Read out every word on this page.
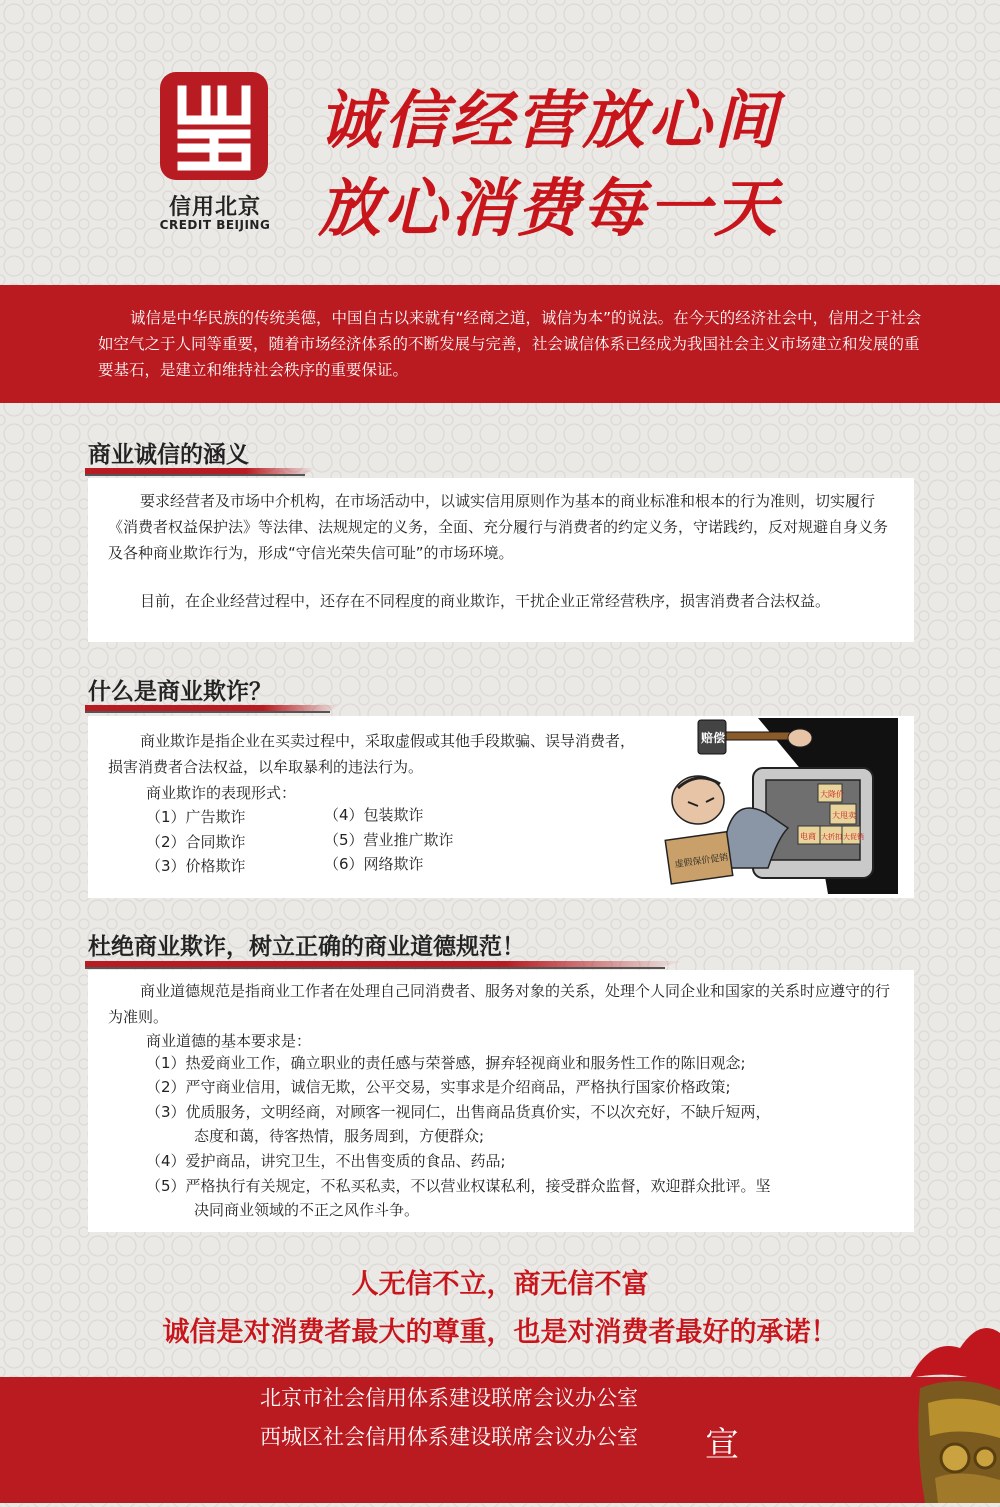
信用北京
CREDIT BEIJING
诚信经营放心间
放心消费每一天
诚信是中华民族的传统美德，中国自古以来就有“经商之道，诚信为本”的说法。在今天的经济社会中，信用之于社会如空气之于人同等重要，随着市场经济体系的不断发展与完善，社会诚信体系已经成为我国社会主义市场建立和发展的重要基石，是建立和维持社会秩序的重要保证。
商业诚信的涵义
要求经营者及市场中介机构，在市场活动中，以诚实信用原则作为基本的商业标准和根本的行为准则，切实履行《消费者权益保护法》等法律、法规规定的义务，全面、充分履行与消费者的约定义务，守诺践约，反对规避自身义务及各种商业欺诈行为，形成“守信光荣失信可耻”的市场环境。
目前，在企业经营过程中，还存在不同程度的商业欺诈，干扰企业正常经营秩序，损害消费者合法权益。
什么是商业欺诈？
商业欺诈是指企业在买卖过程中，采取虚假或其他手段欺骗、误导消费者，损害消费者合法权益，以牟取暴利的违法行为。
商业欺诈的表现形式：
（1）广告欺诈
（2）合同欺诈
（3）价格欺诈
（4）包装欺诈
（5）营业推广欺诈
（6）网络欺诈
大降价
大甩卖
电商 大折扣 大促销
虚假保价促销
赔偿
杜绝商业欺诈，树立正确的商业道德规范！
商业道德规范是指商业工作者在处理自己同消费者、服务对象的关系，处理个人同企业和国家的关系时应遵守的行为准则。
商业道德的基本要求是：
（1）热爱商业工作，确立职业的责任感与荣誉感，摒弃轻视商业和服务性工作的陈旧观念;
（2）严守商业信用，诚信无欺，公平交易，实事求是介绍商品，严格执行国家价格政策;
（3）优质服务，文明经商，对顾客一视同仁，出售商品货真价实，不以次充好，不缺斤短两，
态度和蔼，待客热情，服务周到，方便群众;
（4）爱护商品，讲究卫生，不出售变质的食品、药品;
（5）严格执行有关规定，不私买私卖，不以营业权谋私利，接受群众监督，欢迎群众批评。坚
决同商业领域的不正之风作斗争。
人无信不立，商无信不富
诚信是对消费者最大的尊重，也是对消费者最好的承诺！
北京市社会信用体系建设联席会议办公室
西城区社会信用体系建设联席会议办公室 宣
